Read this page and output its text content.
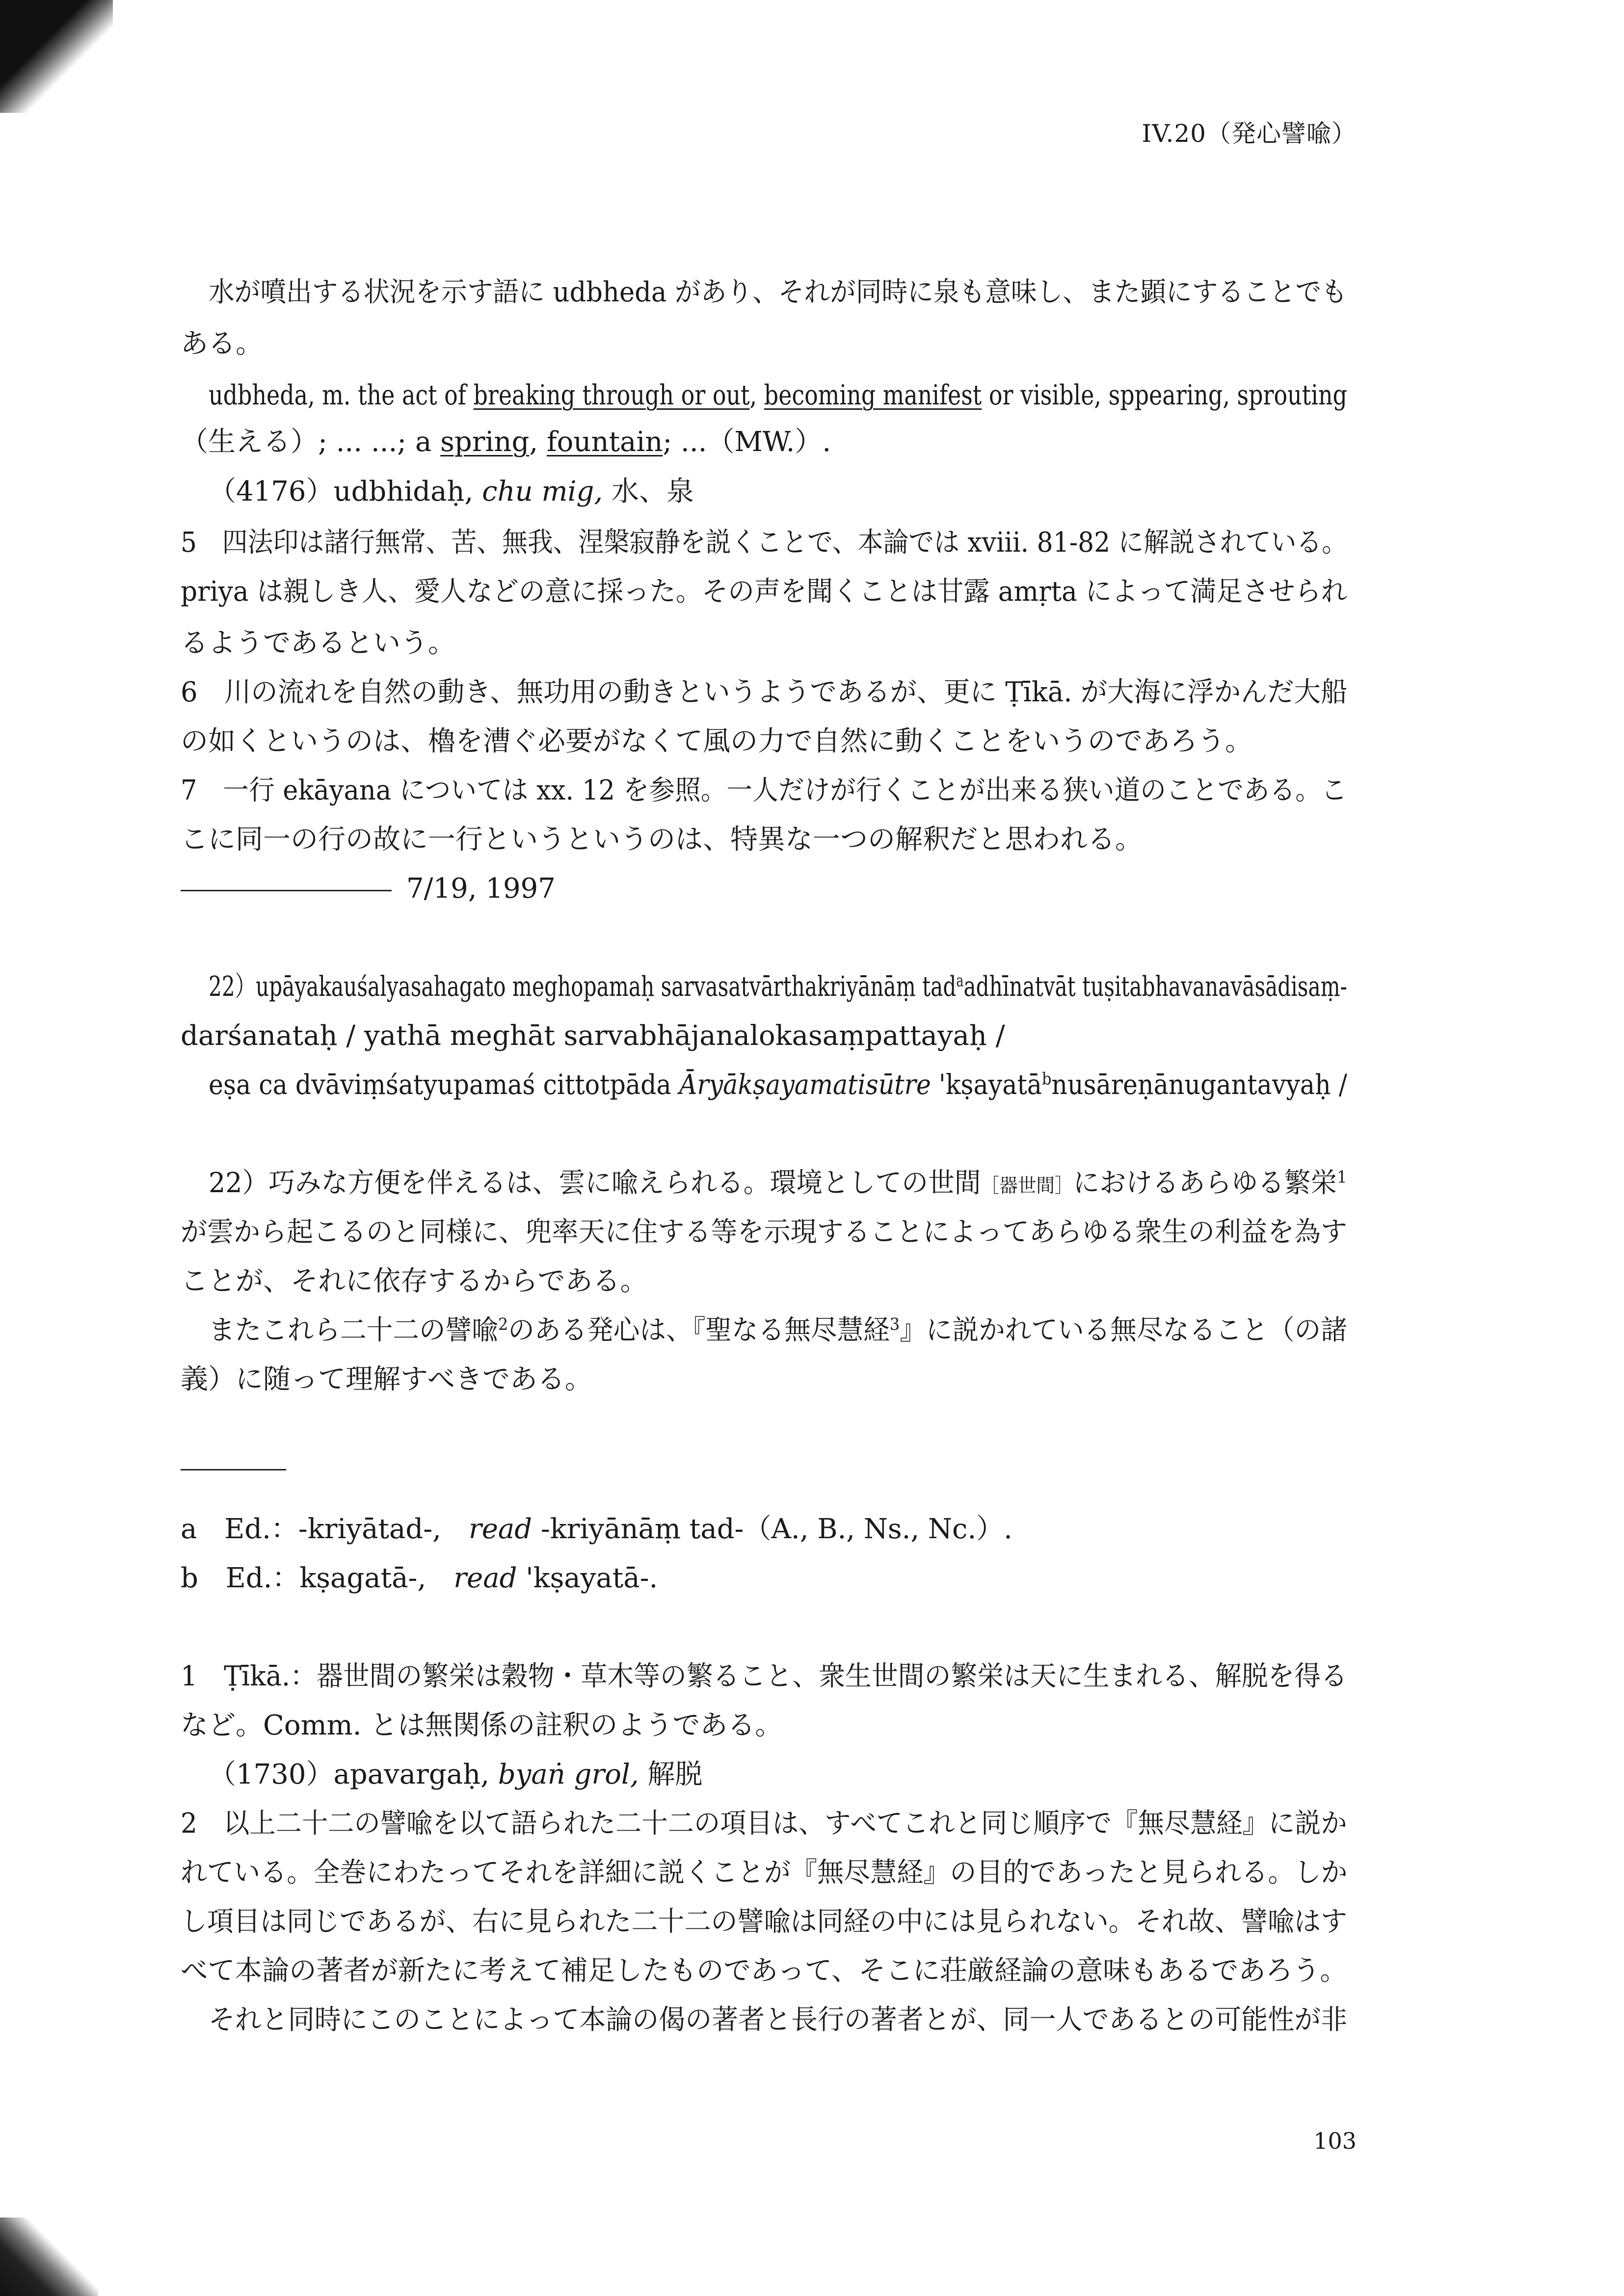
IV.20（発心譬喩）
水が噴出する状況を示す語に udbheda があり、それが同時に泉も意味し、また顕にすることでも
ある。
udbheda, m. the act of breaking through or out, becoming manifest or visible, sppearing, sprouting
（生える）; ... ...; a spring, fountain; ...（MW.）.
（4176）udbhidaḥ, chu mig, 水、泉
5　四法印は諸行無常、苦、無我、涅槃寂静を説くことで、本論では xviii. 81-82 に解説されている。
priya は親しき人、愛人などの意に採った。その声を聞くことは甘露 amṛta によって満足させられ
るようであるという。
6　川の流れを自然の動き、無功用の動きというようであるが、更に Ṭīkā. が大海に浮かんだ大船
の如くというのは、櫓を漕ぐ必要がなくて風の力で自然に動くことをいうのであろう。
7　一行 ekāyana については xx. 12 を参照。一人だけが行くことが出来る狭い道のことである。こ
こに同一の行の故に一行というというのは、特異な一つの解釈だと思われる。
7/19, 1997
22）upāyakauśalyasahagato meghopamaḥ sarvasatvārthakriyānāṃ tad$^a$adhīnatvāt tuṣitabhavanavāsādisaṃ-
darśanataḥ / yathā meghāt sarvabhājanalokasaṃpattayaḥ /
eṣa ca dvāviṃśatyupamaś cittotpāda Āryākṣayamatisūtre 'kṣayatā$^b$nusāreṇānugantavyaḥ /
22）巧みな方便を伴えるは、雲に喩えられる。環境としての世間［器世間］におけるあらゆる繁栄$^1$
が雲から起こるのと同様に、兜率天に住する等を示現することによってあらゆる衆生の利益を為す
ことが、それに依存するからである。
またこれら二十二の譬喩$^2$のある発心は、『聖なる無尽慧経$^3$』に説かれている無尽なること（の諸
義）に随って理解すべきである。
a　Ed.：-kriyātad-,　read -kriyānāṃ tad-（A., B., Ns., Nc.）.
b　Ed.：kṣagatā-,　read 'kṣayatā-.
1　Ṭīkā.：器世間の繁栄は穀物・草木等の繁ること、衆生世間の繁栄は天に生まれる、解脱を得る
など。Comm. とは無関係の註釈のようである。
（1730）apavargaḥ, byaṅ grol, 解脱
2　以上二十二の譬喩を以て語られた二十二の項目は、すべてこれと同じ順序で『無尽慧経』に説か
れている。全巻にわたってそれを詳細に説くことが『無尽慧経』の目的であったと見られる。しか
し項目は同じであるが、右に見られた二十二の譬喩は同経の中には見られない。それ故、譬喩はす
べて本論の著者が新たに考えて補足したものであって、そこに荘厳経論の意味もあるであろう。
それと同時にこのことによって本論の偈の著者と長行の著者とが、同一人であるとの可能性が非
103
